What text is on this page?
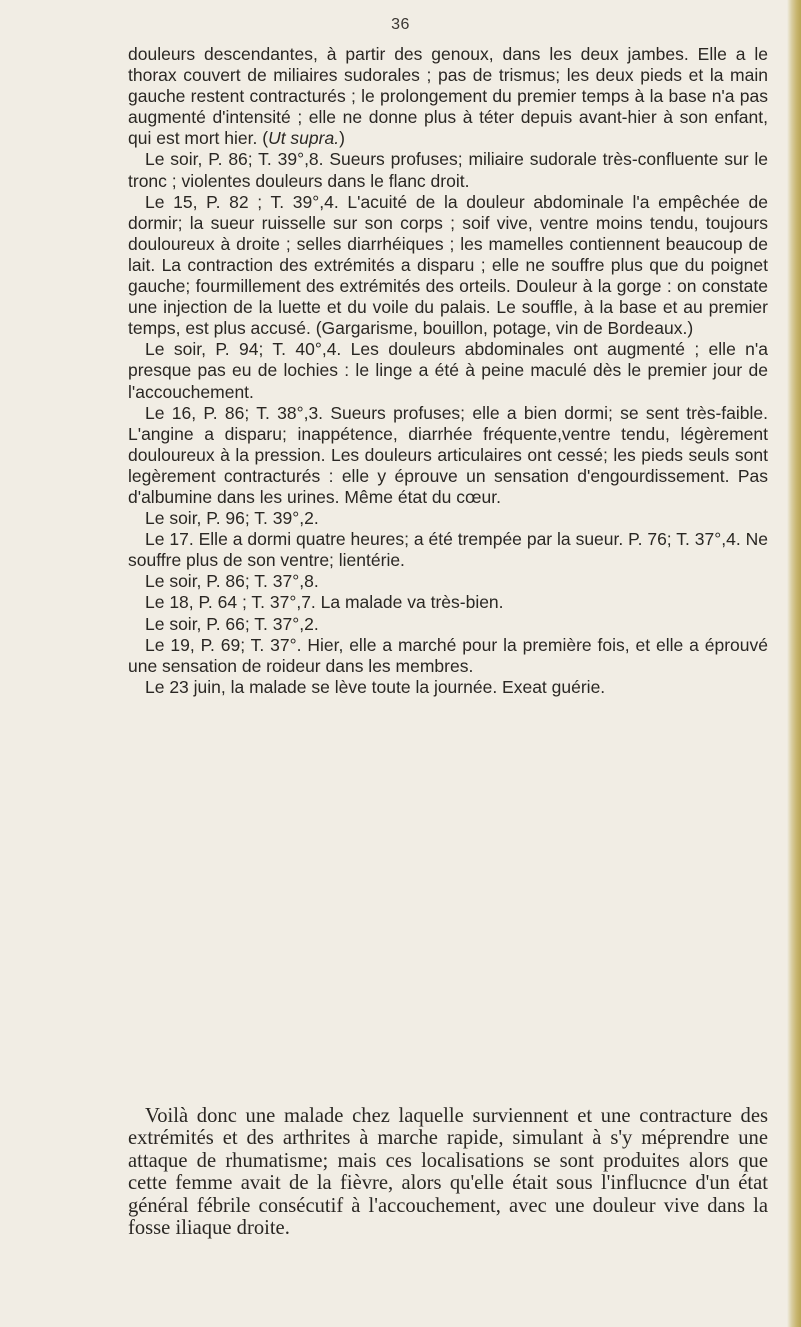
36

douleurs descendantes, à partir des genoux, dans les deux jambes. Elle a le thorax couvert de miliaires sudorales ; pas de trismus; les deux pieds et la main gauche restent contracturés ; le prolongement du premier temps à la base n'a pas augmenté d'intensité ; elle ne donne plus à téter depuis avant-hier à son enfant, qui est mort hier. (Ut supra.)

Le soir, P. 86; T. 39°,8. Sueurs profuses; miliaire sudorale très-confluente sur le tronc ; violentes douleurs dans le flanc droit.

Le 15, P. 82 ; T. 39°,4. L'acuité de la douleur abdominale l'a empêchée de dormir; la sueur ruisselle sur son corps ; soif vive, ventre moins tendu, toujours douloureux à droite ; selles diarrhéiques ; les mamelles contiennent beaucoup de lait. La contraction des extrémités a disparu ; elle ne souffre plus que du poignet gauche; fourmillement des extrémités des orteils. Douleur à la gorge : on constate une injection de la luette et du voile du palais. Le souffle, à la base et au premier temps, est plus accusé. (Gargarisme, bouillon, potage, vin de Bordeaux.)

Le soir, P. 94; T. 40°,4. Les douleurs abdominales ont augmenté ; elle n'a presque pas eu de lochies : le linge a été à peine maculé dès le premier jour de l'accouchement.

Le 16, P. 86; T. 38°,3. Sueurs profuses; elle a bien dormi; se sent très-faible. L'angine a disparu; inappétence, diarrhée fréquente,ventre tendu, légèrement douloureux à la pression. Les douleurs articulaires ont cessé; les pieds seuls sont legèrement contracturés : elle y éprouve un sensation d'engourdissement. Pas d'albumine dans les urines. Même état du cœur.

Le soir, P. 96; T. 39°,2.

Le 17. Elle a dormi quatre heures; a été trempée par la sueur. P. 76; T. 37°,4. Ne souffre plus de son ventre; lientérie.

Le soir, P. 86; T. 37°,8.

Le 18, P. 64 ; T. 37°,7. La malade va très-bien.

Le soir, P. 66; T. 37°,2.

Le 19, P. 69; T. 37°. Hier, elle a marché pour la première fois, et elle a éprouvé une sensation de roideur dans les membres.

Le 23 juin, la malade se lève toute la journée. Exeat guérie.

Voilà donc une malade chez laquelle surviennent et une contracture des extrémités et des arthrites à marche rapide, simulant à s'y méprendre une attaque de rhumatisme; mais ces localisations se sont produites alors que cette femme avait de la fièvre, alors qu'elle était sous l'influcnce d'un état général fébrile consécutif à l'accouchement, avec une douleur vive dans la fosse iliaque droite.
